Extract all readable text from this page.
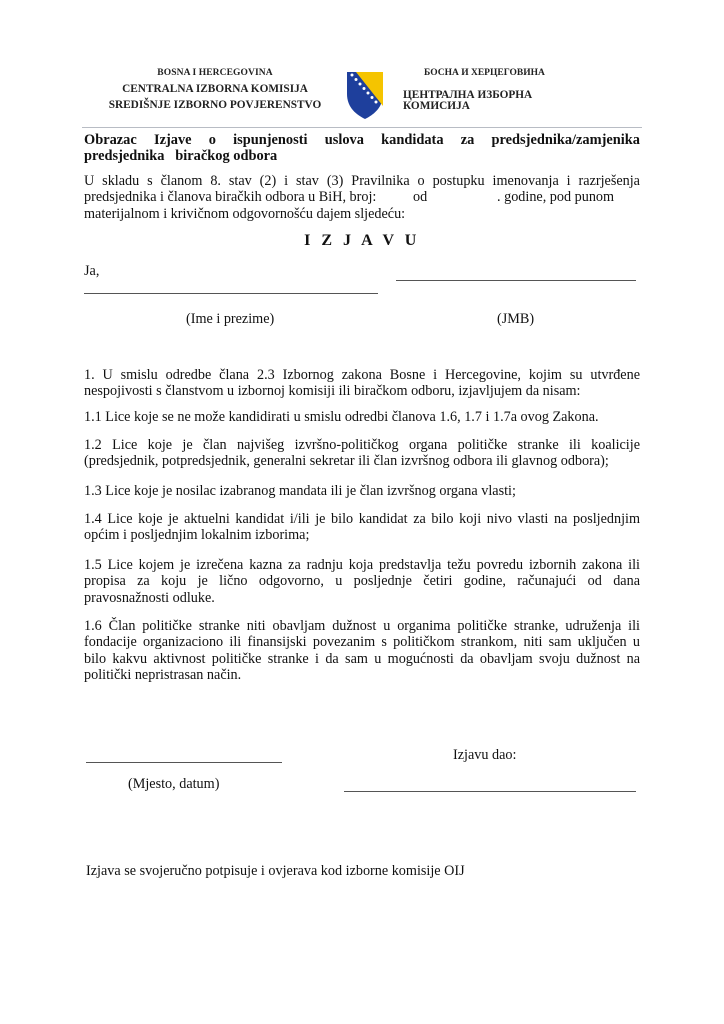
BOSNA I HERCEGOVINA
CENTRALNA IZBORNA KOMISIJA
SREDIŠNJE IZBORNO POVJERENSTVO
БОСНА И ХЕРЦЕГОВИНА
ЦЕНТРАЛНА ИЗБОРНА КОМИСИЈА
Obrazac Izjave o ispunjenosti uslova kandidata za predsjednika/zamjenika
predsjednika   biračkog odbora
U skladu s članom 8. stav (2) i stav (3) Pravilnika o postupku imenovanja i razrješenja
predsjednika i članova biračkih odbora u BiH, broj:	od	. godine, pod punom
materijalnom i krivičnom odgovornošću dajem sljedeću:
I Z J A V U
Ja,
(Ime i prezime)	(JMB)
1. U smislu odredbe člana 2.3 Izbornog zakona Bosne i Hercegovine, kojim su utvrđene
nespojivosti s članstvom u izbornoj komisiji ili biračkom odboru, izjavljujem da nisam:
1.1 Lice koje se ne može kandidirati u smislu odredbi članova 1.6, 1.7 i 1.7a ovog Zakona.
1.2 Lice koje je član najvišeg izvršno-političkog organa političke stranke ili koalicije
(predsjednik, potpredsjednik, generalni sekretar ili član izvršnog odbora ili glavnog odbora);
1.3 Lice koje je nosilac izabranog mandata ili je član izvršnog organa vlasti;
1.4 Lice koje je aktuelni kandidat i/ili je bilo kandidat za bilo koji nivo vlasti na posljednjim
općim i posljednjim lokalnim izborima;
1.5 Lice kojem je izrečena kazna za radnju koja predstavlja težu povredu izbornih zakona ili
propisa za koju je lično odgovorno, u posljednje četiri godine, računajući od dana
pravosnažnosti odluke.
1.6 Član političke stranke niti obavljam dužnost u organima političke stranke, udruženja ili
fondacije organizaciono ili finansijski povezanim s političkom strankom, niti sam uključen u
bilo kakvu aktivnost političke stranke i da sam u mogućnosti da obavljam svoju dužnost na
politički nepristrasan način.
Izjavu dao:
(Mjesto, datum)
Izjava se svojeručno potpisuje i ovjerava kod izborne komisije OIJ
